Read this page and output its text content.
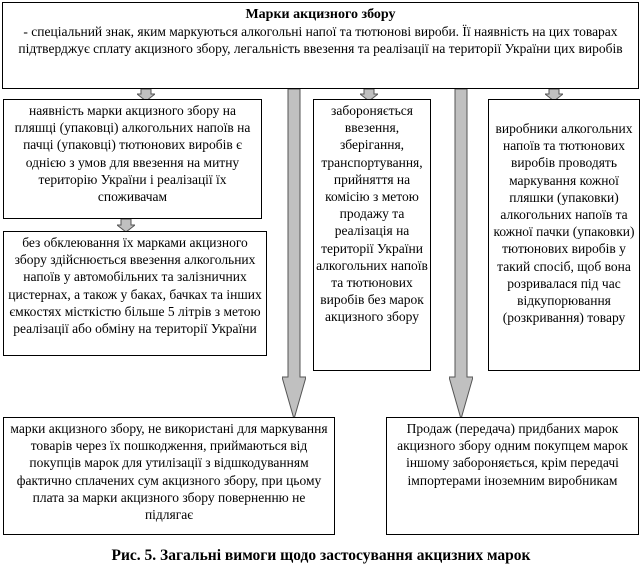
Марки акцизного збору
- спеціальний знак, яким маркуються алкогольні напої та тютюнові вироби. Її наявність на цих товарах підтверджує сплату акцизного збору, легальність ввезення та реалізації на території України цих виробів
наявність марки акцизного збору на пляшці (упаковці) алкогольних напоїв на пачці (упаковці) тютюнових виробів є однією з умов для ввезення на митну територію України і реалізації їх споживачам
без обклеювання їх марками акцизного збору здійснюється ввезення алкогольних напоїв у автомобільних та залізничних цистернах, а також у баках, бачках та інших ємкостях місткістю більше 5 літрів з метою реалізації або обміну на території України
забороняється ввезення, зберігання, транспортування, прийняття на комісію з метою продажу та реалізація на території України алкогольних напоїв та тютюнових виробів без марок акцизного збору
виробники алкогольних напоїв та тютюнових виробів проводять маркування кожної пляшки (упаковки) алкогольних напоїв та кожної пачки (упаковки) тютюнових виробів у такий спосіб, щоб вона розривалася під час відкупорювання (розкривання) товару
марки акцизного збору, не використані для маркування товарів через їх пошкодження, приймаються від покупців марок для утилізації з відшкодуванням фактично сплачених сум акцизного збору, при цьому плата за марки акцизного збору поверненню не підлягає
Продаж (передача) придбаних марок акцизного збору одним покупцем марок іншому забороняється, крім передачі імпортерами іноземним виробникам
Рис. 5. Загальні вимоги щодо застосування акцизних марок
